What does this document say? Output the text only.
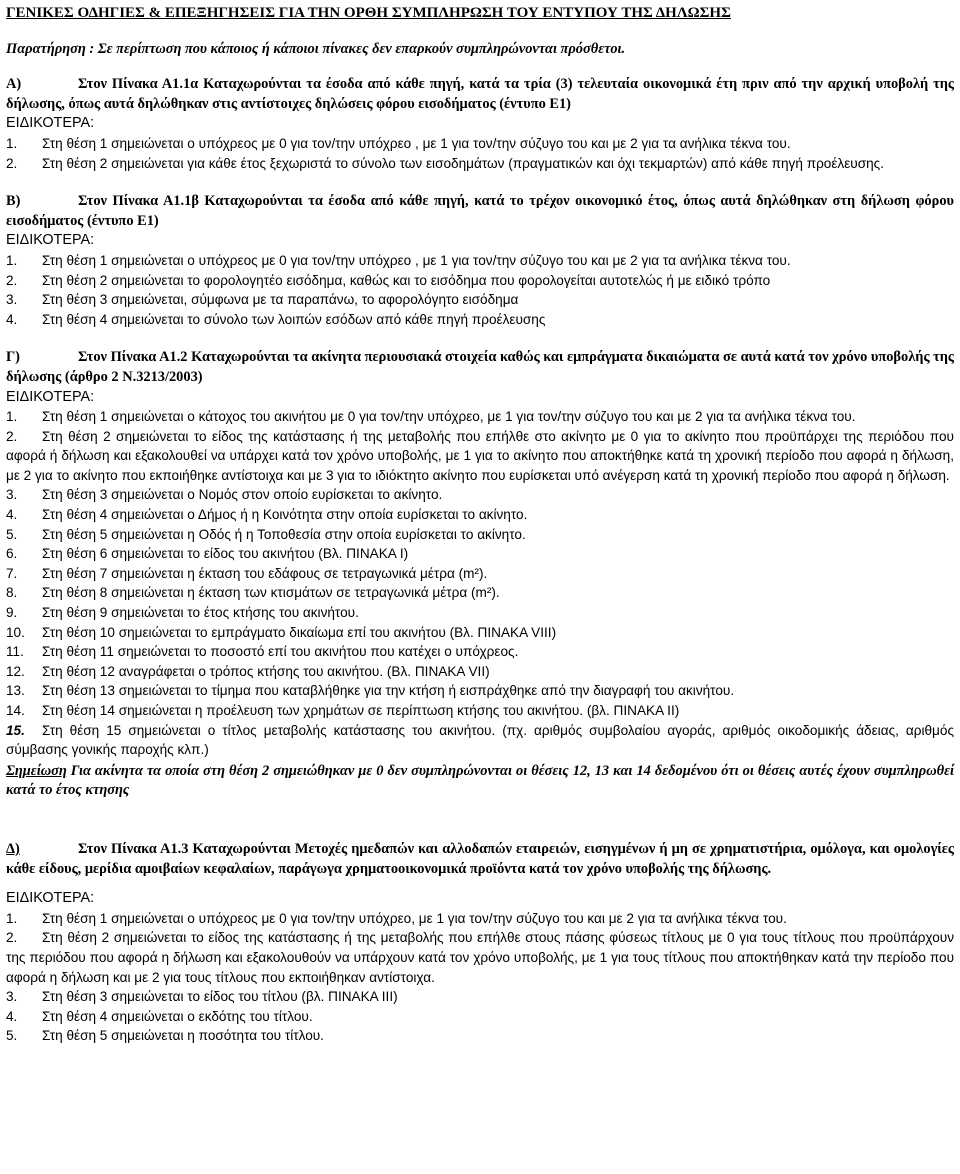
ΓΕΝΙΚΕΣ ΟΔΗΓΙΕΣ & ΕΠΕΞΗΓΗΣΕΙΣ ΓΙΑ ΤΗΝ ΟΡΘΗ ΣΥΜΠΛΗΡΩΣΗ ΤΟΥ ΕΝΤΥΠΟΥ ΤΗΣ ΔΗΛΩΣΗΣ

Παρατήρηση : Σε περίπτωση που κάποιος ή κάποιοι πίνακες δεν επαρκούν συμπληρώνονται πρόσθετοι.

Α)	Στον Πίνακα Α1.1α Καταχωρούνται τα έσοδα από κάθε πηγή, κατά τα τρία (3) τελευταία οικονομικά έτη πριν από την αρχική υποβολή της δήλωσης, όπως αυτά δηλώθηκαν στις αντίστοιχες δηλώσεις φόρου εισοδήματος (έντυπο Ε1)

ΕΙΔΙΚΟΤΕΡΑ:

1. Στη θέση 1 σημειώνεται ο υπόχρεος με 0 για τον/την υπόχρεο , με 1 για τον/την σύζυγο του και με 2 για τα ανήλικα τέκνα του.

2. Στη θέση 2 σημειώνεται για κάθε έτος ξεχωριστά το σύνολο των εισοδημάτων (πραγματικών και όχι τεκμαρτών) από κάθε πηγή προέλευσης.

Β)	Στον Πίνακα Α1.1β Καταχωρούνται τα έσοδα από κάθε πηγή, κατά το τρέχον οικονομικό έτος, όπως αυτά δηλώθηκαν στη δήλωση φόρου εισοδήματος (έντυπο Ε1)

ΕΙΔΙΚΟΤΕΡΑ:

1. Στη θέση 1 σημειώνεται ο υπόχρεος με 0 για τον/την υπόχρεο , με 1 για τον/την σύζυγο του και με 2 για τα ανήλικα τέκνα του.

2. Στη θέση 2 σημειώνεται το φορολογητέο εισόδημα, καθώς και το εισόδημα που φορολογείται αυτοτελώς ή με ειδικό τρόπο

3. Στη θέση 3 σημειώνεται, σύμφωνα με τα παραπάνω, το αφορολόγητο εισόδημα

4. Στη θέση 4 σημειώνεται το σύνολο των λοιπών εσόδων από κάθε πηγή προέλευσης

Γ)	Στον Πίνακα Α1.2 Καταχωρούνται τα ακίνητα περιουσιακά στοιχεία καθώς και εμπράγματα δικαιώματα σε αυτά κατά τον χρόνο υποβολής της δήλωσης (άρθρο 2 Ν.3213/2003)

ΕΙΔΙΚΟΤΕΡΑ:

1. Στη θέση 1 σημειώνεται ο κάτοχος του ακινήτου με 0 για τον/την υπόχρεο, με 1 για τον/την σύζυγο του και με 2 για τα ανήλικα τέκνα του.

2. Στη θέση 2 σημειώνεται το είδος της κατάστασης ή της μεταβολής που επήλθε στο ακίνητο με 0 για το ακίνητο που προϋπάρχει της περιόδου που αφορά ή δήλωση και εξακολουθεί να υπάρχει κατά τον χρόνο υποβολής, με 1 για το ακίνητο που αποκτήθηκε κατά τη χρονική περίοδο που αφορά η δήλωση, με 2 για το ακίνητο που εκποιήθηκε αντίστοιχα και με 3 για το ιδιόκτητο ακίνητο που ευρίσκεται υπό ανέγερση κατά τη χρονική περίοδο που αφορά η δήλωση.

3. Στη θέση 3 σημειώνεται ο Νομός στον οποίο ευρίσκεται το ακίνητο.

4. Στη θέση 4 σημειώνεται ο Δήμος ή η Κοινότητα στην οποία ευρίσκεται το ακίνητο.

5. Στη θέση 5 σημειώνεται η Οδός ή η Τοποθεσία στην οποία ευρίσκεται το ακίνητο.

6. Στη θέση 6 σημειώνεται το είδος του ακινήτου (Βλ. ΠΙΝΑΚΑ Ι)

7. Στη θέση 7 σημειώνεται η έκταση του εδάφους σε τετραγωνικά μέτρα (m²).

8. Στη θέση 8 σημειώνεται η έκταση των κτισμάτων σε τετραγωνικά μέτρα (m²).

9. Στη θέση 9 σημειώνεται το έτος κτήσης του ακινήτου.

10. Στη θέση 10 σημειώνεται το εμπράγματο δικαίωμα επί του ακινήτου (Βλ. ΠΙΝΑΚΑ VIII)

11. Στη θέση 11 σημειώνεται το ποσοστό επί του ακινήτου που κατέχει ο υπόχρεος.

12. Στη θέση 12 αναγράφεται ο τρόπος κτήσης του ακινήτου. (Βλ. ΠΙΝΑΚΑ VII)

13. Στη θέση 13 σημειώνεται το τίμημα που καταβλήθηκε για την κτήση ή εισπράχθηκε από την διαγραφή του ακινήτου.

14. Στη θέση 14 σημειώνεται η προέλευση των χρημάτων σε περίπτωση κτήσης του ακινήτου. (βλ. ΠΙΝΑΚΑ ΙΙ)

15. Στη θέση 15 σημειώνεται ο τίτλος μεταβολής κατάστασης του ακινήτου. (πχ. αριθμός συμβολαίου αγοράς, αριθμός οικοδομικής άδειας, αριθμός σύμβασης γονικής παροχής κλπ.)

Σημείωση Για ακίνητα τα οποία στη θέση 2 σημειώθηκαν με 0 δεν συμπληρώνονται οι θέσεις 12, 13 και 14 δεδομένου ότι οι θέσεις αυτές έχουν συμπληρωθεί κατά το έτος κτησης

Δ)	Στον Πίνακα Α1.3 Καταχωρούνται Μετοχές ημεδαπών και αλλοδαπών εταιρειών, εισηγμένων ή μη σε χρηματιστήρια, ομόλογα, και ομολογίες κάθε είδους, μερίδια αμοιβαίων κεφαλαίων, παράγωγα χρηματοοικονομικά προϊόντα κατά τον χρόνο υποβολής της δήλωσης.

ΕΙΔΙΚΟΤΕΡΑ:

1. Στη θέση 1 σημειώνεται ο υπόχρεος με 0 για τον/την υπόχρεο, με 1 για τον/την σύζυγο του και με 2 για τα ανήλικα τέκνα του.

2. Στη θέση 2 σημειώνεται το είδος της κατάστασης ή της μεταβολής που επήλθε στους πάσης φύσεως τίτλους με 0 για τους τίτλους που προϋπάρχουν της περιόδου που αφορά η δήλωση και εξακολουθούν να υπάρχουν κατά τον χρόνο υποβολής, με 1 για τους τίτλους που αποκτήθηκαν κατά την περίοδο που αφορά η δήλωση και με 2 για τους τίτλους που εκποιήθηκαν αντίστοιχα.

3. Στη θέση 3 σημειώνεται το είδος του τίτλου (βλ. ΠΙΝΑΚΑ ΙΙΙ)

4. Στη θέση 4 σημειώνεται ο εκδότης του τίτλου.

5. Στη θέση 5 σημειώνεται η ποσότητα του τίτλου.
